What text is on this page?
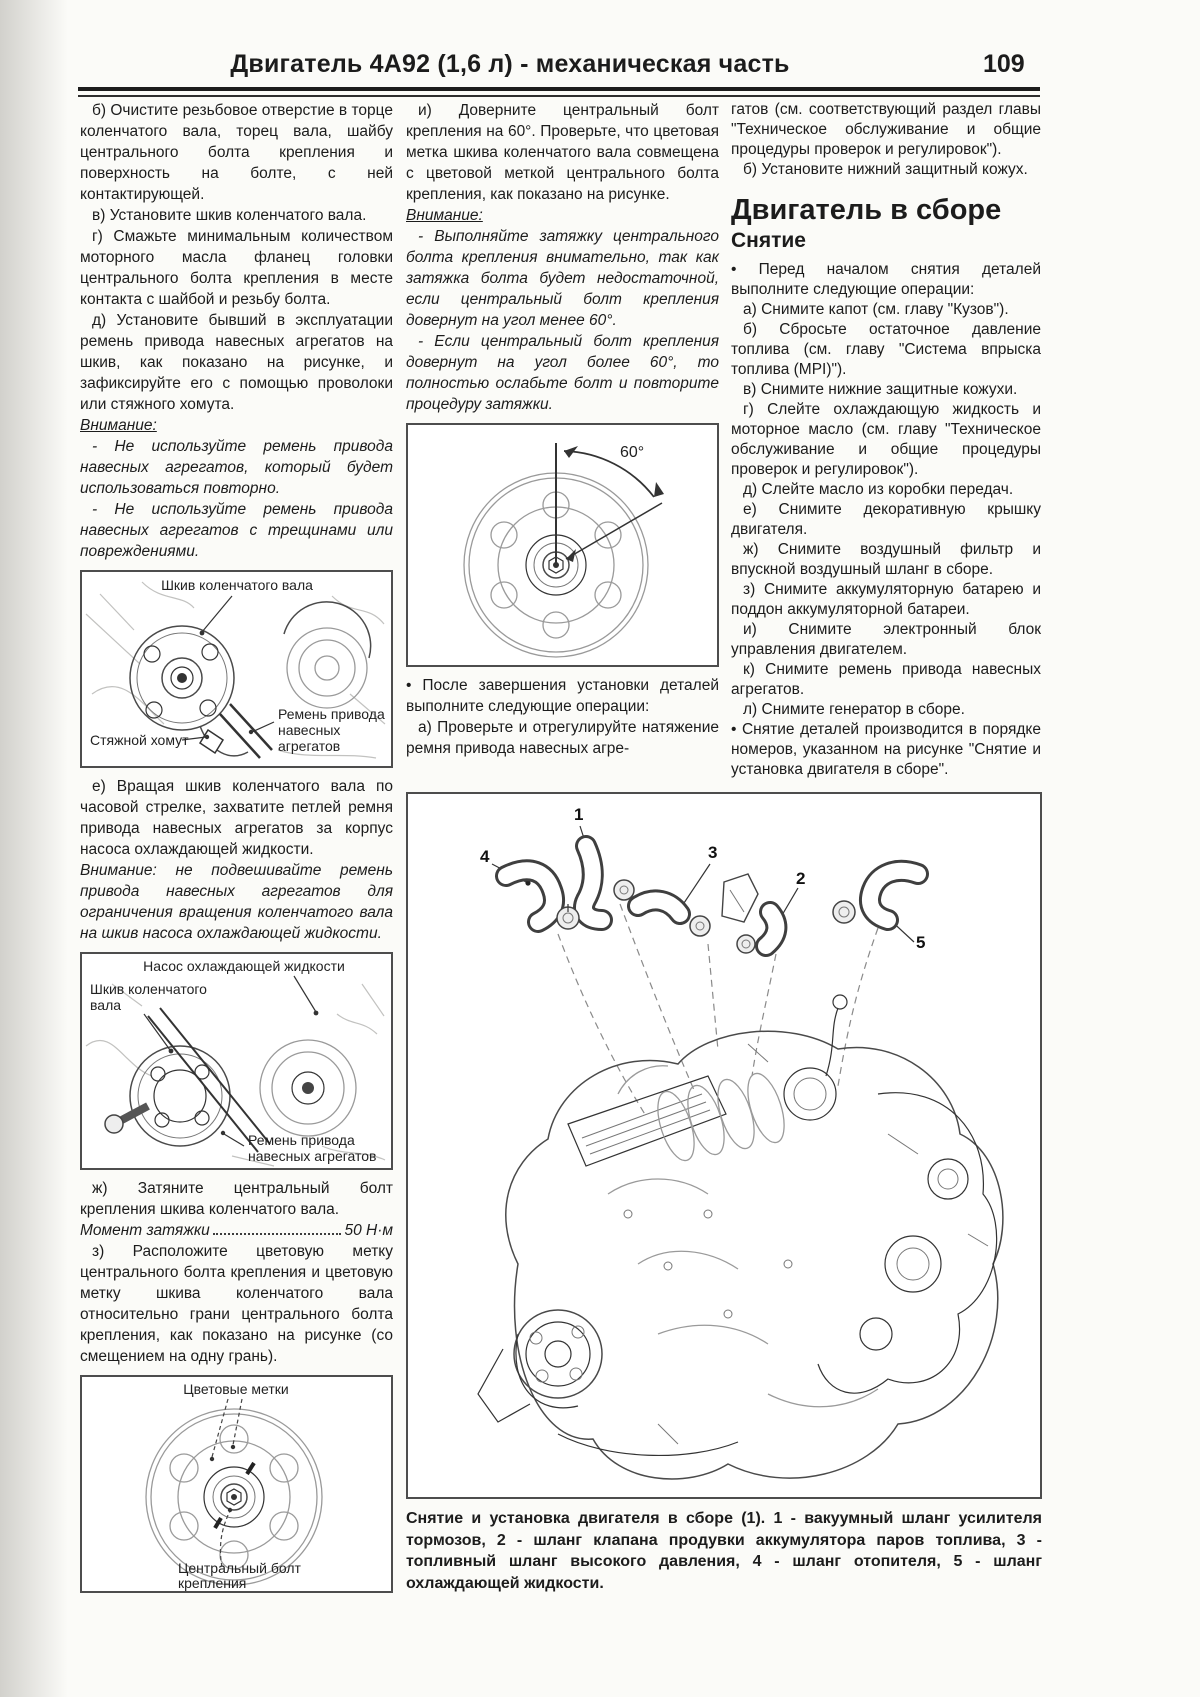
Двигатель 4А92 (1,6 л) - механическая часть	109
б) Очистите резьбовое отверстие в торце коленчатого вала, торец вала, шайбу центрального болта крепления и поверхность на болте, с ней контактирующей.
в) Установите шкив коленчатого вала.
г) Смажьте минимальным количеством моторного масла фланец головки центрального болта крепления в месте контакта с шайбой и резьбу болта.
д) Установите бывший в эксплуатации ремень привода навесных агрегатов на шкив, как показано на рисунке, и зафиксируйте его с помощью проволоки или стяжного хомута.
Внимание:
- Не используйте ремень привода навесных агрегатов, который будет использоваться повторно.
- Не используйте ремень привода навесных агрегатов с трещинами или повреждениями.
Шкив коленчатого вала
Стяжной хомут
Ремень привода
навесных
агрегатов
е) Вращая шкив коленчатого вала по часовой стрелке, захватите петлей ремня привода навесных агрегатов за корпус насоса охлаждающей жидкости.
Внимание: не подвешивайте ремень привода навесных агрегатов для ограничения вращения коленчатого вала на шкив насоса охлаждающей жидкости.
Насос охлаждающей жидкости
Шкив коленчатого
вала
Ремень привода
навесных агрегатов
ж) Затяните центральный болт крепления шкива коленчатого вала.
Момент затяжки	50 Н·м
з) Расположите цветовую метку центрального болта крепления и цветовую метку шкива коленчатого вала относительно грани центрального болта крепления, как показано на рисунке (со смещением на одну грань).
Цветовые метки
Центральный болт
крепления
и) Доверните центральный болт крепления на 60°. Проверьте, что цветовая метка шкива коленчатого вала совмещена с цветовой меткой центрального болта крепления, как показано на рисунке.
Внимание:
- Выполняйте затяжку центрального болта крепления внимательно, так как затяжка болта будет недостаточной, если центральный болт крепления довернут на угол менее 60°.
- Если центральный болт крепления довернут на угол более 60°, то полностью ослабьте болт и повторите процедуру затяжки.
60°
• После завершения установки деталей выполните следующие операции:
а) Проверьте и отрегулируйте натяжение ремня привода навесных агре-
гатов (см. соответствующий раздел главы "Техническое обслуживание и общие процедуры проверок и регулировок").
б) Установите нижний защитный кожух.
Двигатель в сборе
Снятие
• Перед началом снятия деталей выполните следующие операции:
а) Снимите капот (см. главу "Кузов").
б) Сбросьте остаточное давление топлива (см. главу "Система впрыска топлива (MPI)").
в) Снимите нижние защитные кожухи.
г) Слейте охлаждающую жидкость и моторное масло (см. главу "Техническое обслуживание и общие процедуры проверок и регулировок").
д) Слейте масло из коробки передач.
е) Снимите декоративную крышку двигателя.
ж) Снимите воздушный фильтр и впускной воздушный шланг в сборе.
з) Снимите аккумуляторную батарею и поддон аккумуляторной батареи.
и) Снимите электронный блок управления двигателем.
к) Снимите ремень привода навесных агрегатов.
л) Снимите генератор в сборе.
• Снятие деталей производится в порядке номеров, указанном на рисунке "Снятие и установка двигателя в сборе".
4
1
3
2
5
Снятие и установка двигателя в сборе (1). 1 - вакуумный шланг усилителя тормозов, 2 - шланг клапана продувки аккумулятора паров топлива, 3 - топливный шланг высокого давления, 4 - шланг отопителя, 5 - шланг охлаждающей жидкости.
